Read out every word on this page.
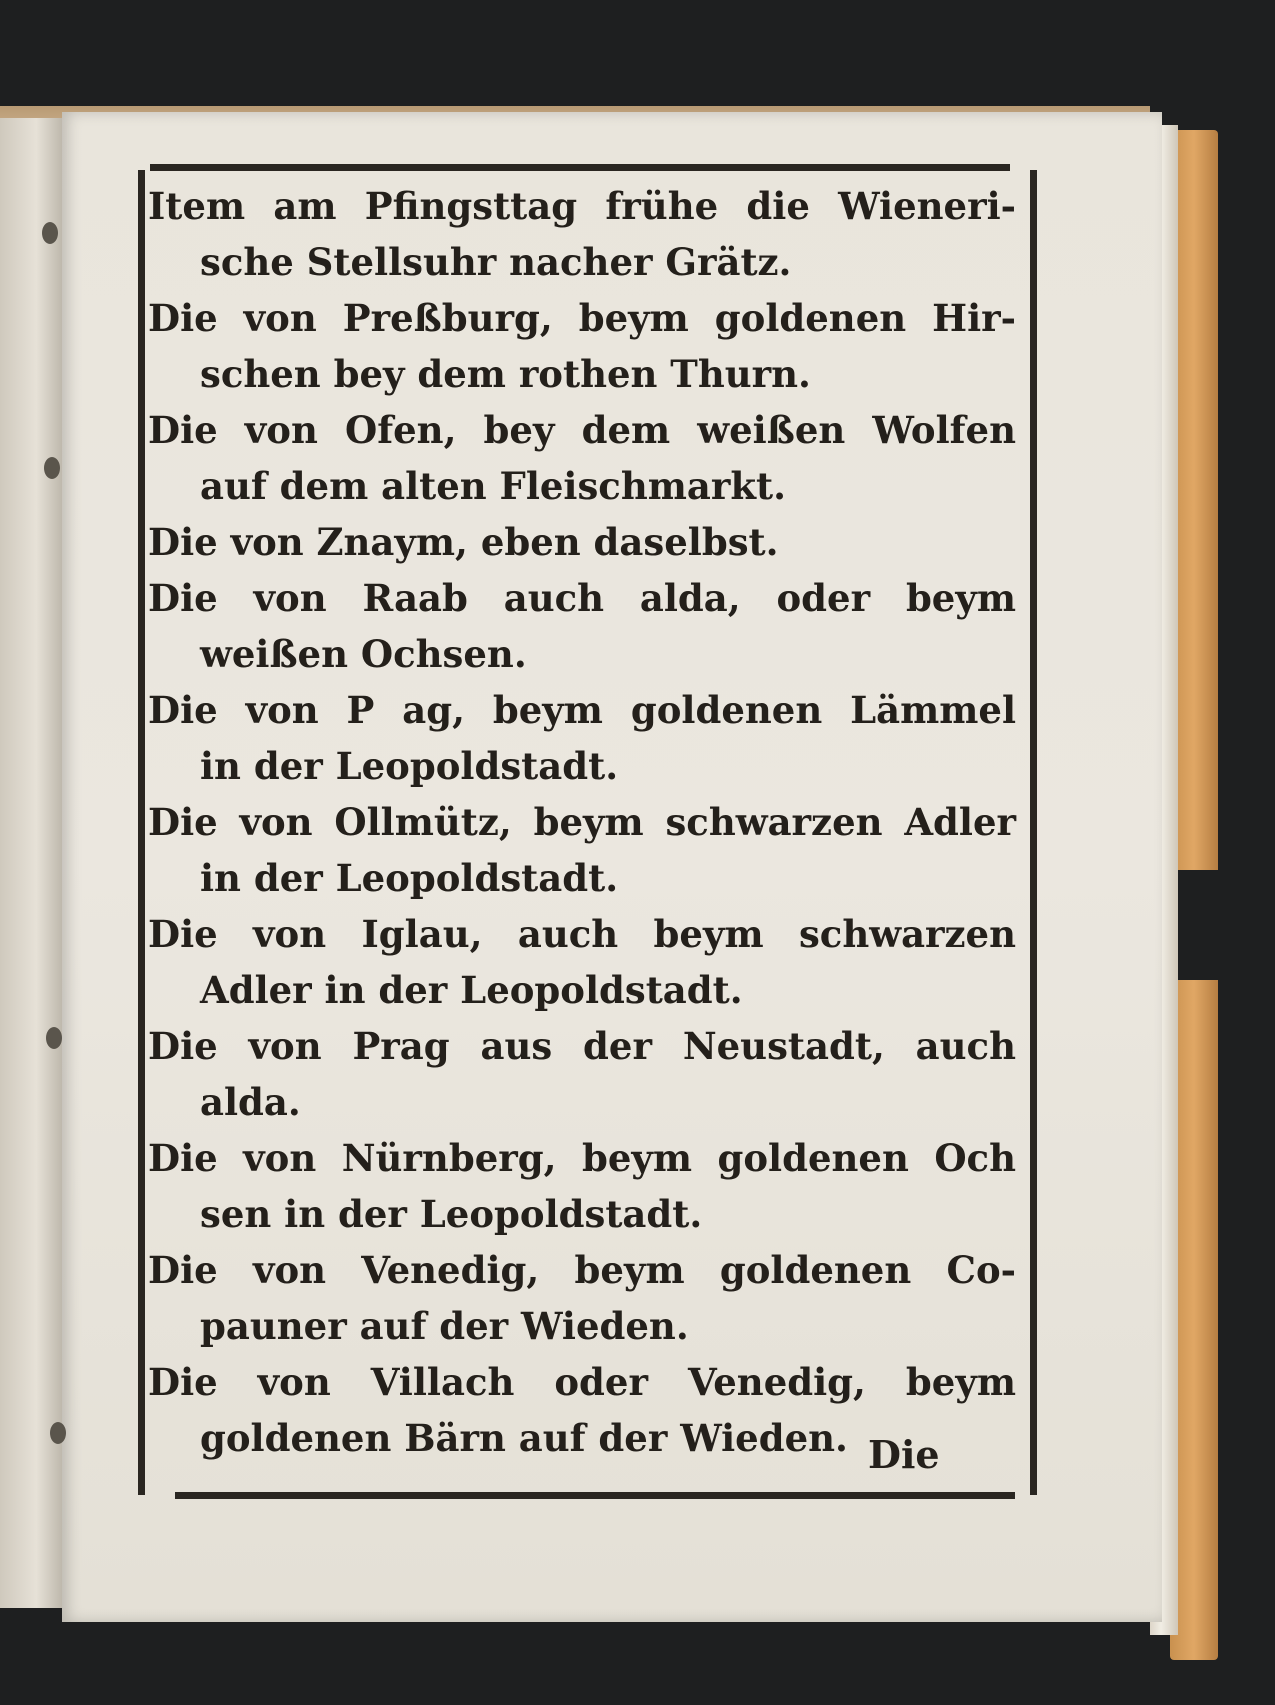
Item am Pfingsttag frühe die Wieneri-
sche Stellsuhr nacher Grätz.

Die von Preßburg, beym goldenen Hir-
schen bey dem rothen Thurn.

Die von Ofen, bey dem weißen Wolfen
auf dem alten Fleischmarkt.

Die von Znaym, eben daselbst.

Die von Raab auch alda, oder beym
weißen Ochsen.

Die von P ag, beym goldenen Lämmel
in der Leopoldstadt.

Die von Ollmütz, beym schwarzen Adler
in der Leopoldstadt.

Die von Iglau, auch beym schwarzen
Adler in der Leopoldstadt.

Die von Prag aus der Neustadt, auch
alda.

Die von Nürnberg, beym goldenen Och
sen in der Leopoldstadt.

Die von Venedig, beym goldenen Co-
pauner auf der Wieden.

Die von Villach oder Venedig, beym
goldenen Bärn auf der Wieden. Die
